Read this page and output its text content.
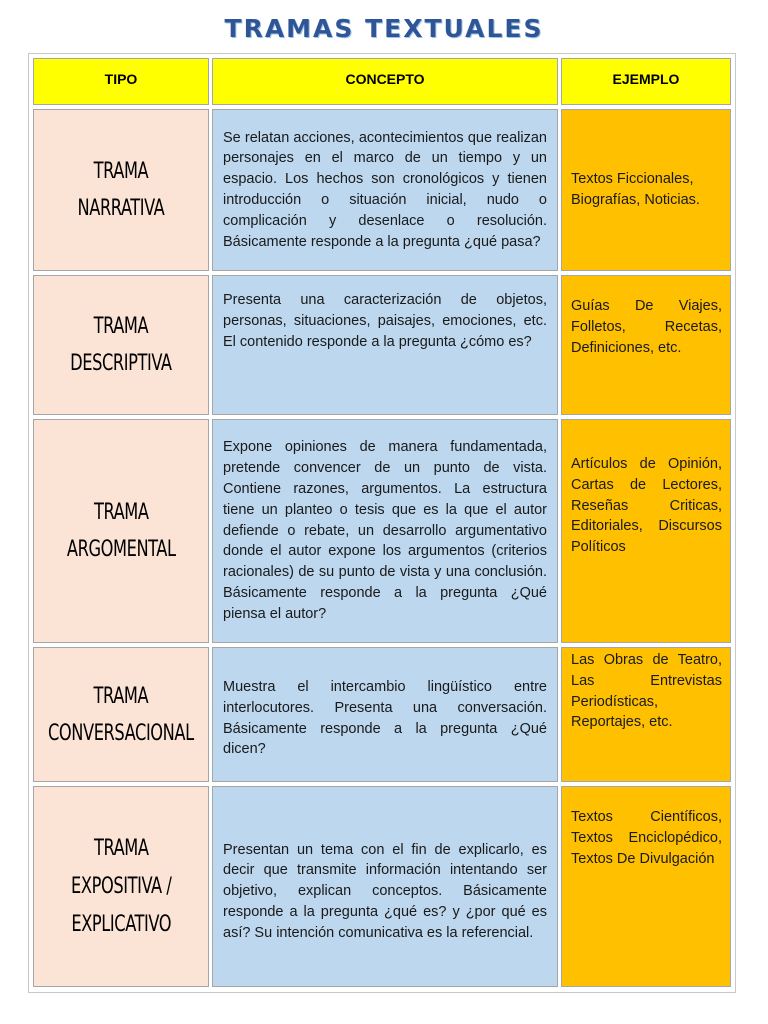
TRAMAS TEXTUALES
TIPO	CONCEPTO	EJEMPLO
TRAMA
NARRATIVA
Se relatan acciones, acontecimientos que realizan personajes en el marco de un tiempo y un espacio. Los hechos son cronológicos y tienen introducción o situación inicial, nudo o complicación y desenlace o resolución. Básicamente responde a la pregunta ¿qué pasa?
Textos Ficcionales, Biografías, Noticias.
TRAMA
DESCRIPTIVA
Presenta una caracterización de objetos, personas, situaciones, paisajes, emociones, etc. El contenido responde a la pregunta ¿cómo es?
Guías De Viajes, Folletos, Recetas, Definiciones, etc.
TRAMA
ARGOMENTAL
Expone opiniones de manera fundamentada, pretende convencer de un punto de vista. Contiene razones, argumentos. La estructura tiene un planteo o tesis que es la que el autor defiende o rebate, un desarrollo argumentativo donde el autor expone los argumentos (criterios racionales) de su punto de vista y una conclusión. Básicamente responde a la pregunta ¿Qué piensa el autor?
Artículos de Opinión, Cartas de Lectores, Reseñas Criticas, Editoriales, Discursos Políticos
TRAMA
CONVERSACIONAL
Muestra el intercambio lingüístico entre interlocutores. Presenta una conversación. Básicamente responde a la pregunta ¿Qué dicen?
Las Obras de Teatro, Las Entrevistas Periodísticas, Reportajes, etc.
TRAMA
EXPOSITIVA /
EXPLICATIVO
Presentan un tema con el fin de explicarlo, es decir que transmite información intentando ser objetivo, explican conceptos. Básicamente responde a la pregunta ¿qué es? y ¿por qué es así? Su intención comunicativa es la referencial.
Textos Científicos, Textos Enciclopédico, Textos De Divulgación
